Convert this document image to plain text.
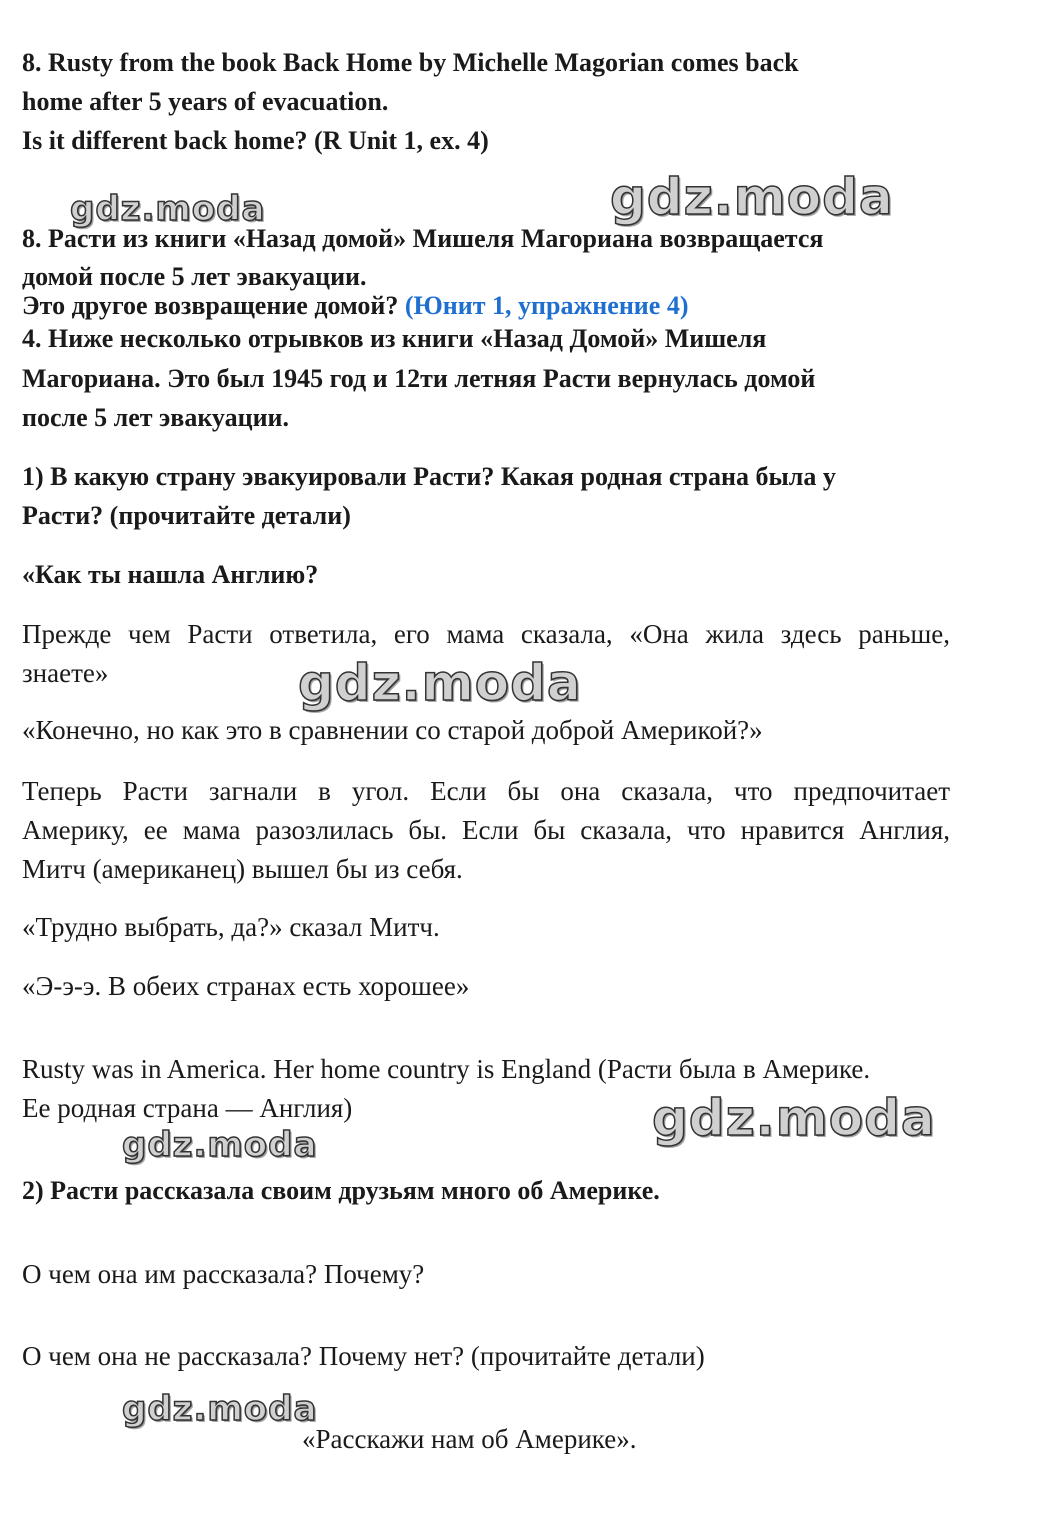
8. Rusty from the book Back Home by Michelle Magorian comes back
home after 5 years of evacuation.
Is it different back home? (R Unit 1, ex. 4)
gdz.moda	gdz.moda
8. Расти из книги «Назад домой» Мишеля Магориана возвращается
домой после 5 лет эвакуации.
Это другое возвращение домой? (Юнит 1, упражнение 4)
4. Ниже несколько отрывков из книги «Назад Домой» Мишеля
Магориана. Это был 1945 год и 12ти летняя Расти вернулась домой
после 5 лет эвакуации.
1) В какую страну эвакуировали Расти? Какая родная страна была у
Расти? (прочитайте детали)
«Как ты нашла Англию?
Прежде чем Расти ответила, его мама сказала, «Она жила здесь раньше,
знаете»	gdz.moda
«Конечно, но как это в сравнении со старой доброй Америкой?»
Теперь Расти загнали в угол. Если бы она сказала, что предпочитает
Америку, ее мама разозлилась бы. Если бы сказала, что нравится Англия,
Митч (американец) вышел бы из себя.
«Трудно выбрать, да?» сказал Митч.
«Э-э-э. В обеих странах есть хорошее»
Rusty was in America. Her home country is England (Расти была в Америке.
Ее родная страна — Англия)	gdz.moda
gdz.moda
2) Расти рассказала своим друзьям много об Америке.
О чем она им рассказала? Почему?
О чем она не рассказала? Почему нет? (прочитайте детали)
gdz.moda
«Расскажи нам об Америке».
